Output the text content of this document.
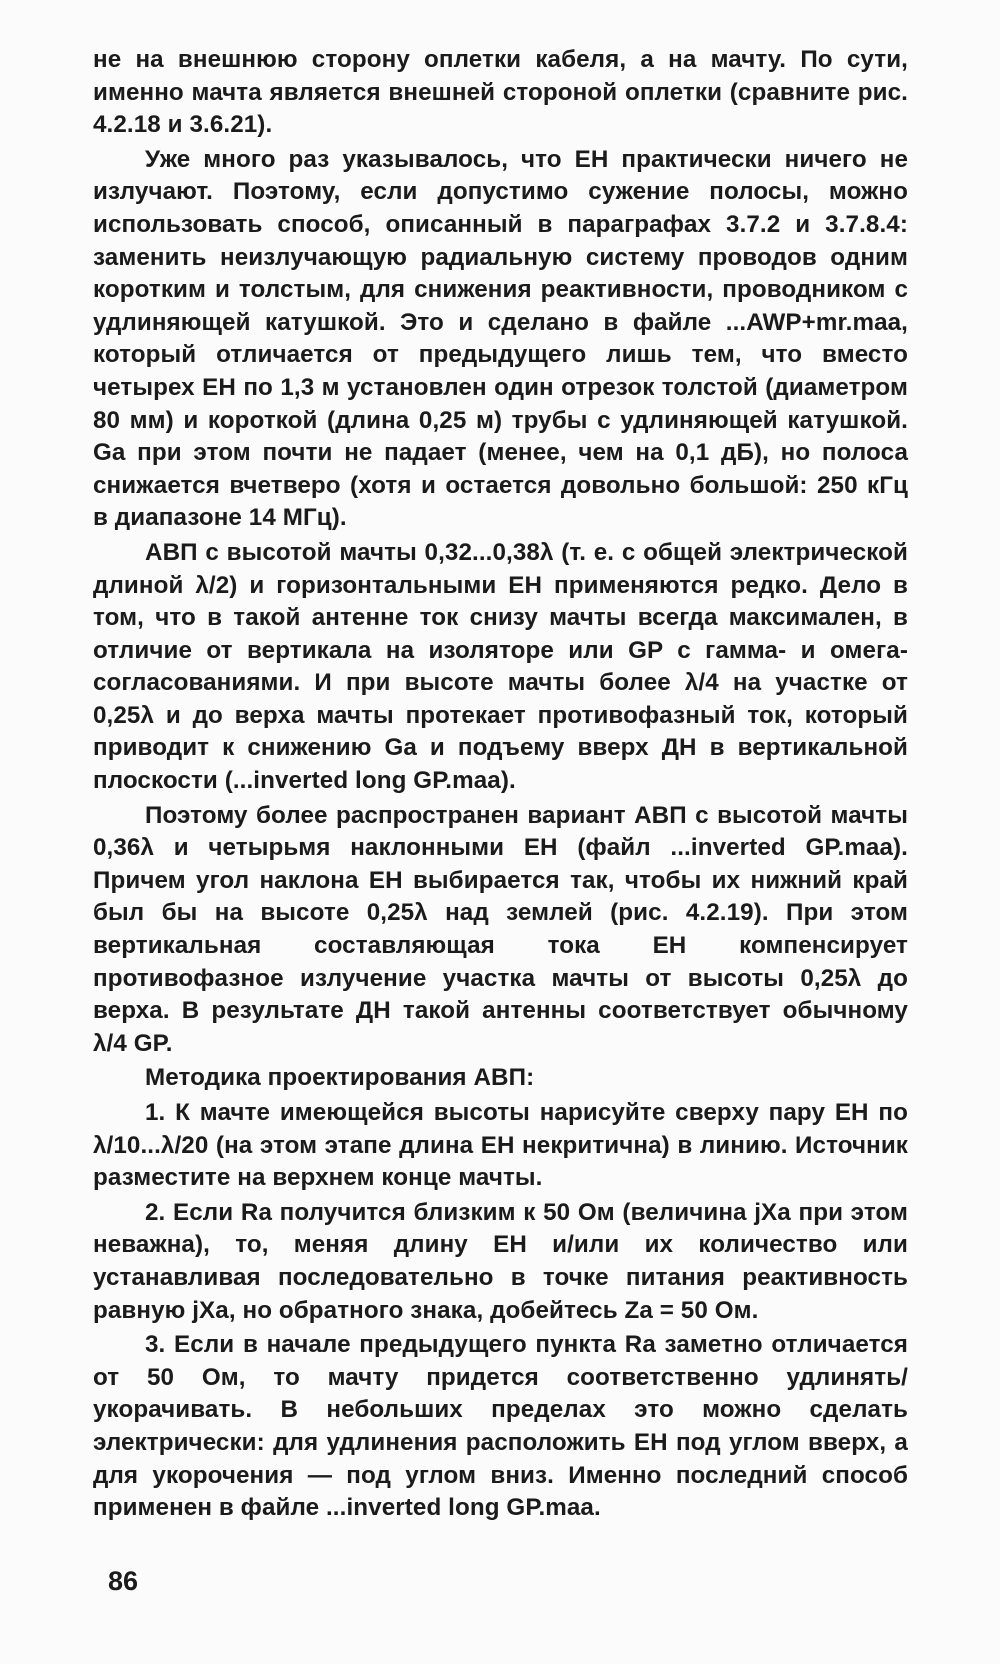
не на внешнюю сторону оплетки кабеля, а на мачту. По сути, именно мачта является внешней стороной оплетки (сравните рис. 4.2.18 и 3.6.21).

Уже много раз указывалось, что ЕН практически ничего не излучают. Поэтому, если допустимо сужение полосы, можно использовать способ, описанный в параграфах 3.7.2 и 3.7.8.4: заменить неизлучающую радиальную систему проводов одним коротким и толстым, для снижения реактивности, проводником с удлиняющей катушкой. Это и сделано в файле ...AWP+mr.maa, который отличается от предыдущего лишь тем, что вместо четырех ЕН по 1,3 м установлен один отрезок толстой (диаметром 80 мм) и короткой (длина 0,25 м) трубы с удлиняющей катушкой. Ga при этом почти не падает (менее, чем на 0,1 дБ), но полоса снижается вчетверо (хотя и остается довольно большой: 250 кГц в диапазоне 14 МГц).

АВП с высотой мачты 0,32...0,38λ (т. е. с общей электрической длиной λ/2) и горизонтальными ЕН применяются редко. Дело в том, что в такой антенне ток снизу мачты всегда максимален, в отличие от вертикала на изоляторе или GP с гамма- и омега-согласованиями. И при высоте мачты более λ/4 на участке от 0,25λ и до верха мачты протекает противофазный ток, который приводит к снижению Ga и подъему вверх ДН в вертикальной плоскости (...inverted long GP.maa).

Поэтому более распространен вариант АВП с высотой мачты 0,36λ и четырьмя наклонными ЕН (файл ...inverted GP.maa). Причем угол наклона ЕН выбирается так, чтобы их нижний край был бы на высоте 0,25λ над землей (рис. 4.2.19). При этом вертикальная составляющая тока ЕН компенсирует противофазное излучение участка мачты от высоты 0,25λ до верха. В результате ДН такой антенны соответствует обычному λ/4 GP.

Методика проектирования АВП:

1. К мачте имеющейся высоты нарисуйте сверху пару ЕН по λ/10...λ/20 (на этом этапе длина ЕН некритична) в линию. Источник разместите на верхнем конце мачты.

2. Если Ra получится близким к 50 Ом (величина jXa при этом неважна), то, меняя длину ЕН и/или их количество или устанавливая последовательно в точке питания реактивность равную jXa, но обратного знака, добейтесь Za = 50 Ом.

3. Если в начале предыдущего пункта Ra заметно отличается от 50 Ом, то мачту придется соответственно удлинять/укорачивать. В небольших пределах это можно сделать электрически: для удлинения расположить ЕН под углом вверх, а для укорочения — под углом вниз. Именно последний способ применен в файле ...inverted long GP.maa.

86
